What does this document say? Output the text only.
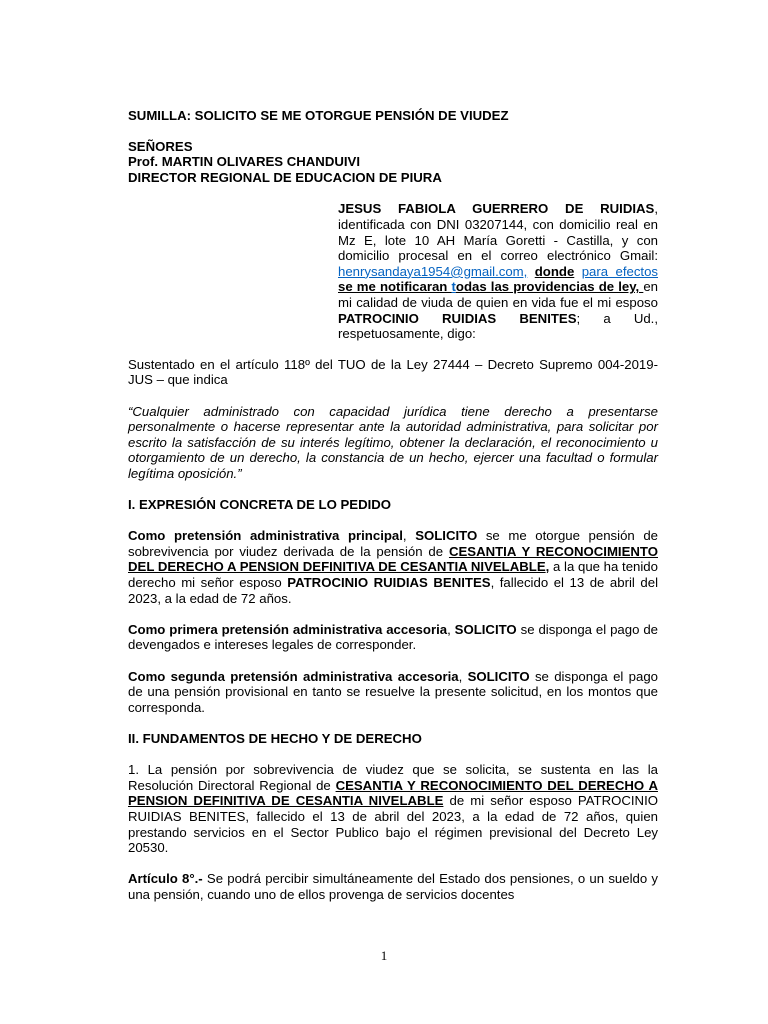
SUMILLA: SOLICITO SE ME OTORGUE PENSIÓN DE VIUDEZ

SEÑORES

Prof. MARTIN OLIVARES CHANDUIVI

DIRECTOR REGIONAL DE EDUCACION DE PIURA

JESUS FABIOLA GUERRERO DE RUIDIAS, identificada con DNI 03207144, con domicilio real en Mz E, lote 10 AH María Goretti - Castilla, y con domicilio procesal en el correo electrónico Gmail: henrysandaya1954@gmail.com, donde para efectos se me notificaran todas las providencias de ley, en mi calidad de viuda de quien en vida fue el mi esposo PATROCINIO RUIDIAS BENITES; a Ud., respetuosamente, digo:

Sustentado en el artículo 118º del TUO de la Ley 27444 – Decreto Supremo 004-2019-JUS – que indica

“Cualquier administrado con capacidad jurídica tiene derecho a presentarse personalmente o hacerse representar ante la autoridad administrativa, para solicitar por escrito la satisfacción de su interés legítimo, obtener la declaración, el reconocimiento u otorgamiento de un derecho, la constancia de un hecho, ejercer una facultad o formular legítima oposición.”

I. EXPRESIÓN CONCRETA DE LO PEDIDO

Como pretensión administrativa principal, SOLICITO se me otorgue pensión de sobrevivencia por viudez derivada de la pensión de CESANTIA Y RECONOCIMIENTO DEL DERECHO A PENSION DEFINITIVA DE CESANTIA NIVELABLE, a la que ha tenido derecho mi señor esposo PATROCINIO RUIDIAS BENITES, fallecido el 13 de abril del 2023, a la edad de 72 años.

Como primera pretensión administrativa accesoria, SOLICITO se disponga el pago de devengados e intereses legales de corresponder.

Como segunda pretensión administrativa accesoria, SOLICITO se disponga el pago de una pensión provisional en tanto se resuelve la presente solicitud, en los montos que corresponda.

II. FUNDAMENTOS DE HECHO Y DE DERECHO

1. La pensión por sobrevivencia de viudez que se solicita, se sustenta en las la Resolución Directoral Regional de CESANTIA Y RECONOCIMIENTO DEL DERECHO A PENSION DEFINITIVA DE CESANTIA NIVELABLE de mi señor esposo PATROCINIO RUIDIAS BENITES, fallecido el 13 de abril del 2023, a la edad de 72 años, quien prestando servicios en el Sector Publico bajo el régimen previsional del Decreto Ley 20530.

Artículo 8°.- Se podrá percibir simultáneamente del Estado dos pensiones, o un sueldo y una pensión, cuando uno de ellos provenga de servicios docentes

1
